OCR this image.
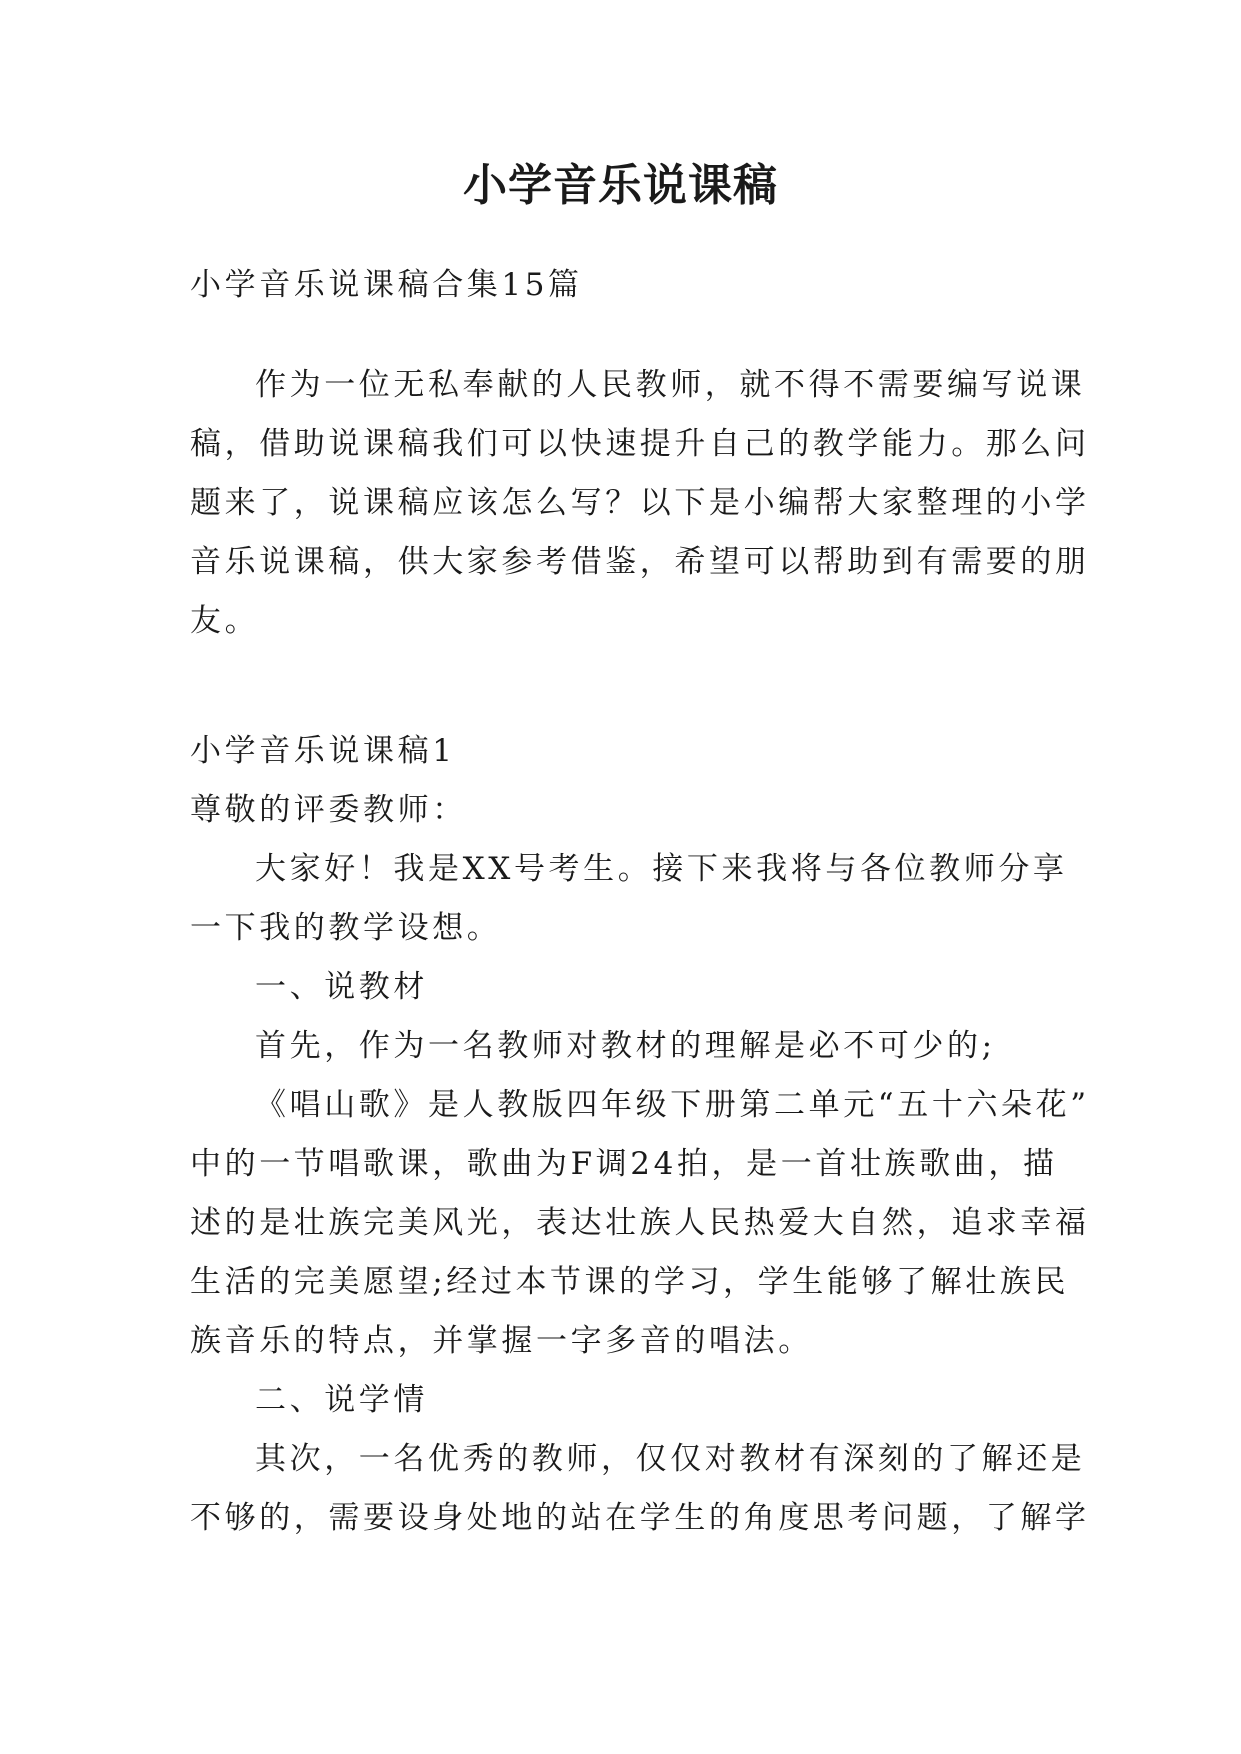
小学音乐说课稿

小学音乐说课稿合集15篇

作为一位无私奉献的人民教师，就不得不需要编写说课
稿，借助说课稿我们可以快速提升自己的教学能力。那么问
题来了，说课稿应该怎么写？以下是小编帮大家整理的小学
音乐说课稿，供大家参考借鉴，希望可以帮助到有需要的朋
友。

小学音乐说课稿1

尊敬的评委教师：

大家好！我是XX号考生。接下来我将与各位教师分享
一下我的教学设想。

一、说教材

首先，作为一名教师对教材的理解是必不可少的;

《唱山歌》是人教版四年级下册第二单元“五十六朵花”
中的一节唱歌课，歌曲为F调24拍，是一首壮族歌曲，描
述的是壮族完美风光，表达壮族人民热爱大自然，追求幸福
生活的完美愿望;经过本节课的学习，学生能够了解壮族民
族音乐的特点，并掌握一字多音的唱法。

二、说学情

其次，一名优秀的教师，仅仅对教材有深刻的了解还是
不够的，需要设身处地的站在学生的角度思考问题，了解学
